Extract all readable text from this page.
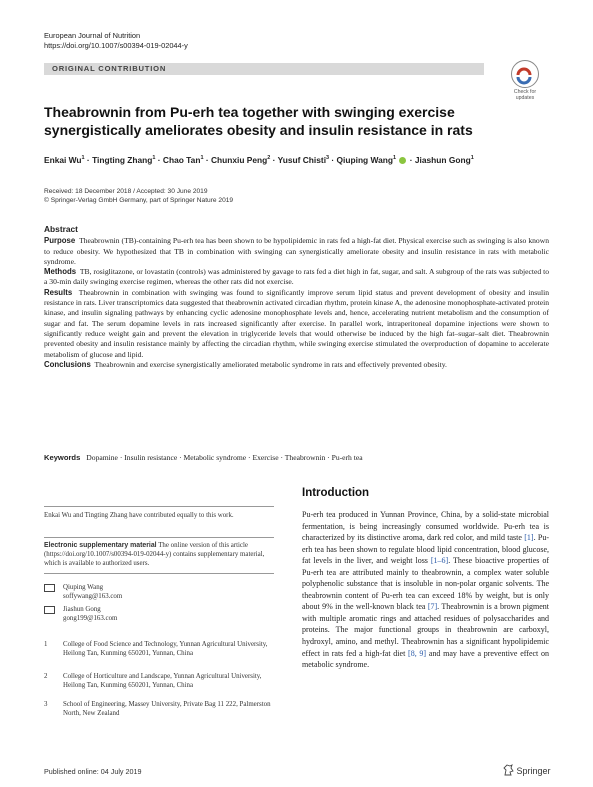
European Journal of Nutrition
https://doi.org/10.1007/s00394-019-02044-y
ORIGINAL CONTRIBUTION
Check for
updates
Theabrownin from Pu-erh tea together with swinging exercise synergistically ameliorates obesity and insulin resistance in rats
Enkai $Wu^1$ · Tingting Zhang$^1$ · Chao Tan$^1$ · Chunxiu Peng$^2$ · Yusuf Chisti$^3$ · Qiuping Wang$^1$  · Jiashun Gong$^1$
Received: 18 December 2018 / Accepted: 30 June 2019
© Springer-Verlag GmbH Germany, part of Springer Nature 2019
Abstract

Purpose Theabrownin (TB)-containing Pu-erh tea has been shown to be hypolipidemic in rats fed a high-fat diet. Physical exercise such as swinging is also known to reduce obesity. We hypothesized that TB in combination with swinging can synergistically ameliorate obesity and insulin resistance in rats with metabolic syndrome.

Methods TB, rosiglitazone, or lovastatin (controls) was administered by gavage to rats fed a diet high in fat, sugar, and salt. A subgroup of the rats was subjected to a 30-min daily swinging exercise regimen, whereas the other rats did not exercise.

Results Theabrownin in combination with swinging was found to significantly improve serum lipid status and prevent development of obesity and insulin resistance in rats. Liver transcriptomics data suggested that theabrownin activated circadian rhythm, protein kinase A, the adenosine monophosphate-activated protein kinase, and insulin signaling pathways by enhancing cyclic adenosine monophosphate levels and, hence, accelerating nutrient metabolism and the consumption of sugar and fat. The serum dopamine levels in rats increased significantly after exercise. In parallel work, intraperitoneal dopamine injections were shown to significantly reduce weight gain and prevent the elevation in triglyceride levels that would otherwise be induced by the high fat–sugar–salt diet. Theabrownin prevented obesity and insulin resistance mainly by affecting the circadian rhythm, while swinging exercise stimulated the overproduction of dopamine to accelerate metabolism of glucose and lipid.

Conclusions Theabrownin and exercise synergistically ameliorated metabolic syndrome in rats and effectively prevented obesity.

Keywords Dopamine · Insulin resistance · Metabolic syndrome · Exercise · Theabrownin · Pu-erh tea
Enkai Wu and Tingting Zhang have contributed equally to this work.
Electronic supplementary material The online version of this article (https://doi.org/10.1007/s00394-019-02044-y) contains supplementary material, which is available to authorized users.
Qiuping Wang
soffywang@163.com
Jiashun Gong
gong199@163.com
1	College of Food Science and Technology, Yunnan Agricultural University, Heilong Tan, Kunming 650201, Yunnan, China
2	College of Horticulture and Landscape, Yunnan Agricultural University, Heilong Tan, Kunming 650201, Yunnan, China
3	School of Engineering, Massey University, Private Bag 11 222, Palmerston North, New Zealand
Introduction
Pu-erh tea produced in Yunnan Province, China, by a solid-state microbial fermentation, is being increasingly consumed worldwide. Pu-erh tea is characterized by its distinctive aroma, dark red color, and mild taste [1]. Pu-erh tea has been shown to regulate blood lipid concentration, blood glucose, fat levels in the liver, and weight loss [1–6]. These bioactive properties of Pu-erh tea are attributed mainly to theabrownin, a complex water soluble polyphenolic substance that is insoluble in non-polar organic solvents. The theabrownin content of Pu-erh tea can exceed 18% by weight, but is only about 9% in the well-known black tea [7]. Theabrownin is a brown pigment with multiple aromatic rings and attached residues of polysaccharides and proteins. The major functional groups in theabrownin are carboxyl, hydroxyl, amino, and methyl. Theabrownin has a significant hypolipidemic effect in rats fed a high-fat diet [8, 9] and may have a preventive effect on metabolic syndrome.
Published online: 04 July 2019	Springer
